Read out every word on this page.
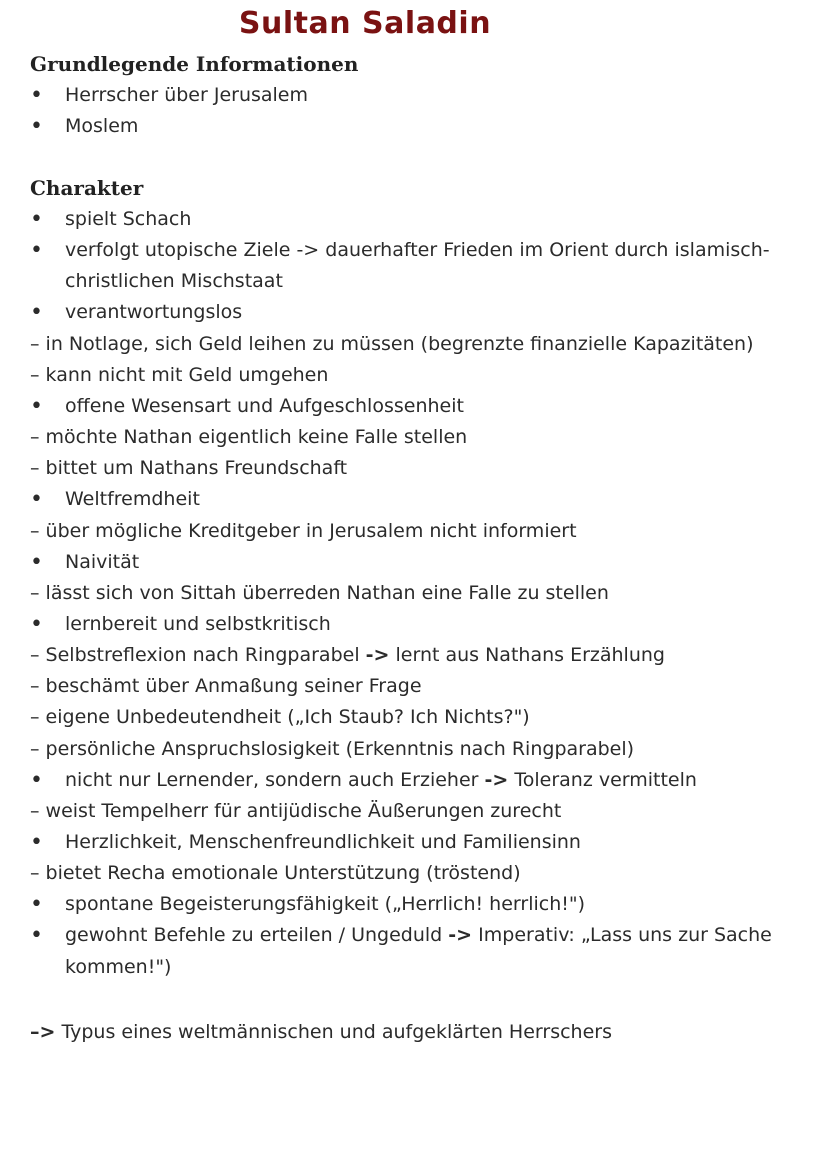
Sultan Saladin
Grundlegende Informationen
•	Herrscher über Jerusalem
•	Moslem
Charakter
•	spielt Schach
•	verfolgt utopische Ziele -> dauerhafter Frieden im Orient durch islamisch-
christlichen Mischstaat
•	verantwortungslos
– in Notlage, sich Geld leihen zu müssen (begrenzte finanzielle Kapazitäten)
– kann nicht mit Geld umgehen
•	offene Wesensart und Aufgeschlossenheit
– möchte Nathan eigentlich keine Falle stellen
– bittet um Nathans Freundschaft
•	Weltfremdheit
– über mögliche Kreditgeber in Jerusalem nicht informiert
•	Naivität
– lässt sich von Sittah überreden Nathan eine Falle zu stellen
•	lernbereit und selbstkritisch
– Selbstreflexion nach Ringparabel -> lernt aus Nathans Erzählung
– beschämt über Anmaßung seiner Frage
– eigene Unbedeutendheit („Ich Staub? Ich Nichts?")
– persönliche Anspruchslosigkeit (Erkenntnis nach Ringparabel)
•	nicht nur Lernender, sondern auch Erzieher -> Toleranz vermitteln
– weist Tempelherr für antijüdische Äußerungen zurecht
•	Herzlichkeit, Menschenfreundlichkeit und Familiensinn
– bietet Recha emotionale Unterstützung (tröstend)
•	spontane Begeisterungsfähigkeit („Herrlich! herrlich!")
•	gewohnt Befehle zu erteilen / Ungeduld -> Imperativ: „Lass uns zur Sache
kommen!")
–> Typus eines weltmännischen und aufgeklärten Herrschers
